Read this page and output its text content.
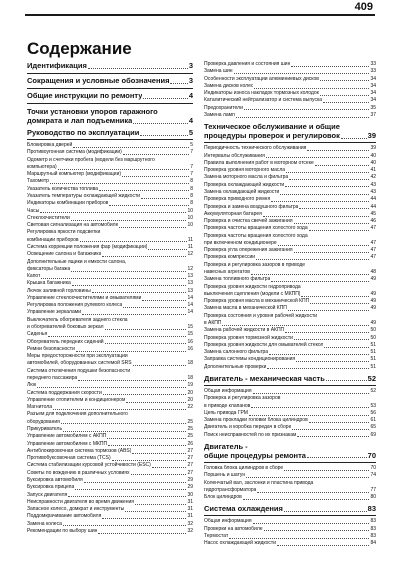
409
Содержание
Идентификация	3
Сокращения и условные обозначения	3
Общие инструкции по ремонту	4
Точки установки упоров гаражного
домкрата и лап подъемника	4
Руководство по эксплуатации	5
Блокировка дверей	5
Противоугонная система (модификации)	7
Одометр и счетчики пробега (модели без маршрутного
компьютера)	7
Маршрутный компьютер (модификации)	7
Тахометр	8
Указатель количества топлива	8
Указатель температуры охлаждающей жидкости	8
Индикаторы комбинации приборов	8
Часы	10
Стеклоочистители	10
Световая сигнализация на автомобиле	10
Регулировка яркости подсветки
комбинации приборов	11
Система коррекции положения фар (модификации)	11
Освещение салона и багажника	12
Дополнительные ящики и емкости салона,
фиксаторы багажа	12
Капот	13
Крышка багажника	13
Лючок заливной горловины	13
Управление стеклоочистителями и омывателями	14
Регулировка положения рулевого колеса	14
Управление зеркалами	14
Выключатель обогревателя заднего стекла
и обогревателей боковых зеркал	15
Сиденья	15
Обогреватель передних сидений	16
Ремни безопасности	16
Меры предосторожности при эксплуатации
автомобилей, оборудованных системой SRS	18
Система отключения подушки безопасности
переднего пассажира	18
Люк	19
Система поддержания скорости	20
Управление отопителем и кондиционером	20
Магнитола	22
Разъем для подключения дополнительного
оборудования	25
Прикуриватель	25
Управление автомобилем с АКПП	25
Управление автомобилем с МКПП	26
Антиблокировочная система тормозов (ABS)	27
Противобуксовочная система (TCS)	27
Система стабилизации курсовой устойчивости (ESC)	27
Советы по вождению в различных условиях	27
Буксировка автомобиля	29
Буксировка прицепа	29
Запуск двигателя	30
Неисправности двигателя во время движения	31
Запасное колесо, домкрат и инструменты	31
Поддомкрачивание автомобиля	31
Замена колеса	32
Рекомендации по выбору шин	32
Проверка давления и состояния шин	33
Замена шин	33
Особенности эксплуатации алюминиевых дисков	34
Замена дисков колес	34
Индикаторы износа накладок тормозных колодок	34
Каталитический нейтрализатор и система выпуска	34
Предохранители	35
Замена ламп	37
Техническое обслуживание и общие
процедуры проверок и регулировок	39
Периодичность технического обслуживания	39
Интервалы обслуживания	40
Правила выполнения работ в моторном отсеке	40
Проверка уровня моторного масла	41
Замена моторного масла и фильтра	42
Проверка охлаждающей жидкости	43
Замена охлаждающей жидкости	43
Проверка приводного ремня	44
Проверка и замена воздушного фильтра	44
Аккумуляторная батарея	45
Проверка и очистка свечей зажигания	46
Проверка частоты вращения холостого хода	47
Проверка частоты вращения холостого хода
при включенном кондиционере	47
Проверка угла опережения зажигания	47
Проверка компрессии	47
Проверка и регулировка зазоров в приводе
навесных агрегатов	48
Замена топливного фильтра	49
Проверка уровня жидкости гидропривода
выключения сцепления (модели с МКПП)	49
Проверка уровня масла в механической КПП	49
Замена масла в механической КПП	49
Проверка состояния и уровня рабочей жидкости
в АКПП	49
Замена рабочей жидкости в АКПП	50
Проверка уровня тормозной жидкости	50
Проверка уровня жидкости для омывателей стекол	51
Замена салонного фильтра	51
Заправка системы кондиционирования	51
Дополнительные проверки	51
Двигатель - механическая часть	52
Общая информация	52
Проверка и регулировка зазоров
в приводе клапанов	53
Цепь привода ГРМ	56
Замена прокладки головки блока цилиндров	61
Двигатель и коробка передач в сборе	65
Поиск неисправностей по их признакам	69
Двигатель -
общие процедуры ремонта	70
Головка блока цилиндров в сборе	70
Поршень и шатун	74
Коленчатый вал, заслонки и пластина привода
гидротрансформатора	77
Блок цилиндров	80
Система охлаждения	83
Общая информация	83
Проверки на автомобиле	83
Термостат	83
Насос охлаждающей жидкости	84
